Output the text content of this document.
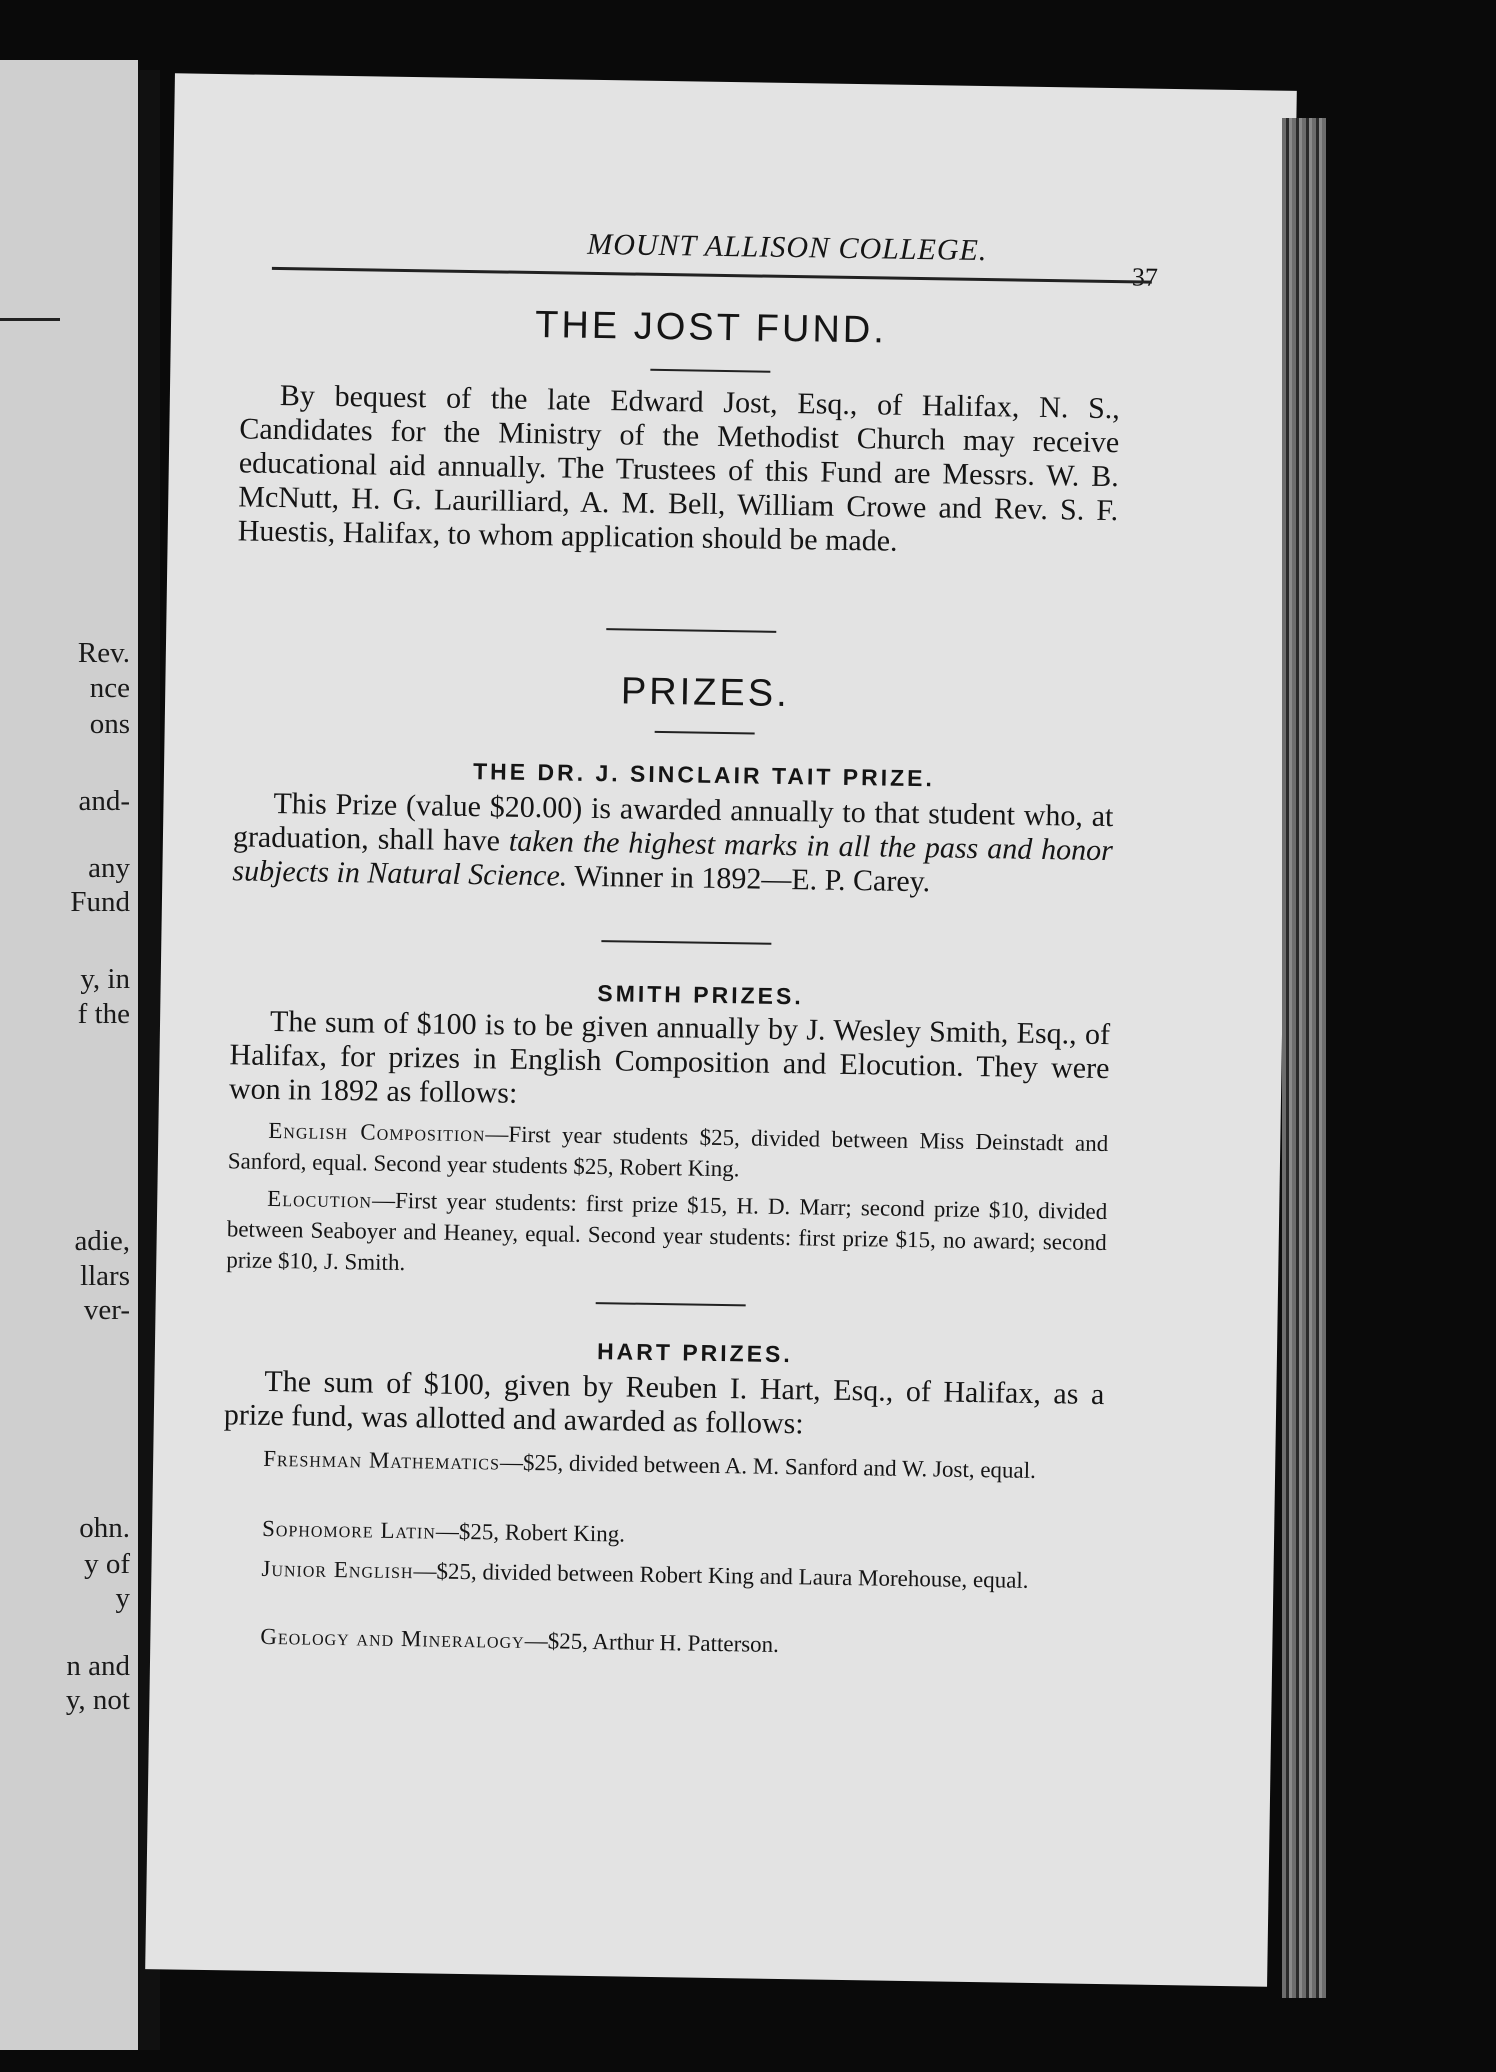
Rev.
nce
ons
and-
any
Fund
y, in
f the
adie,
llars
ver-
ohn.
y of
y
n and
y, not
MOUNT ALLISON COLLEGE.
37
THE JOST FUND.
By bequest of the late Edward Jost, Esq., of Halifax, N. S., Candidates for the Ministry of the Methodist Church may receive educational aid annually. The Trustees of this Fund are Messrs. W. B. McNutt, H. G. Laurilliard, A. M. Bell, William Crowe and Rev. S. F. Huestis, Halifax, to whom application should be made.
PRIZES.
THE DR. J. SINCLAIR TAIT PRIZE.
This Prize (value $20.00) is awarded annually to that student who, at graduation, shall have taken the highest marks in all the pass and honor subjects in Natural Science. Winner in 1892—E. P. Carey.
SMITH PRIZES.
The sum of $100 is to be given annually by J. Wesley Smith, Esq., of Halifax, for prizes in English Composition and Elocution. They were won in 1892 as follows:
English Composition—First year students $25, divided between Miss Deinstadt and Sanford, equal. Second year students $25, Robert King.
Elocution—First year students: first prize $15, H. D. Marr; second prize $10, divided between Seaboyer and Heaney, equal. Second year students: first prize $15, no award; second prize $10, J. Smith.
HART PRIZES.
The sum of $100, given by Reuben I. Hart, Esq., of Halifax, as a prize fund, was allotted and awarded as follows:
Freshman Mathematics—$25, divided between A. M. Sanford and W. Jost, equal.
Sophomore Latin—$25, Robert King.
Junior English—$25, divided between Robert King and Laura Morehouse, equal.
Geology and Mineralogy—$25, Arthur H. Patterson.
